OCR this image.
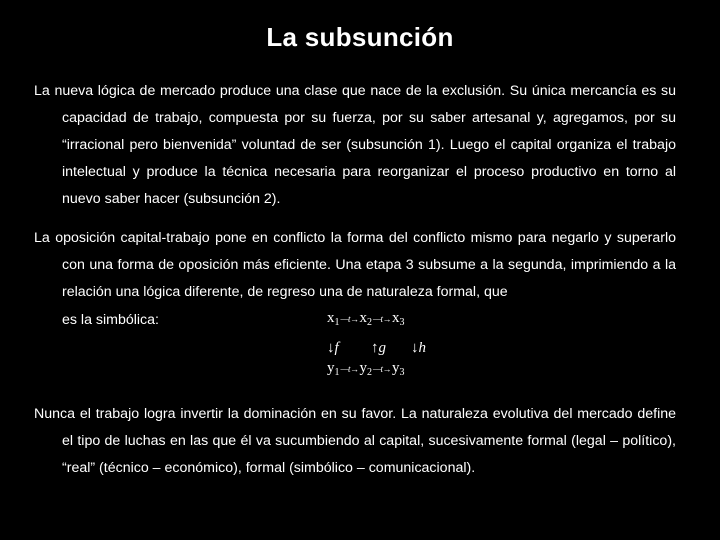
La subsunción
La nueva lógica de mercado produce una clase que nace de la exclusión. Su única mercancía es su capacidad de trabajo, compuesta por su fuerza, por su saber artesanal y, agregamos, por su “irracional pero bienvenida” voluntad de ser (subsunción 1). Luego el capital organiza el trabajo intelectual y produce la técnica necesaria para reorganizar el proceso productivo en torno al nuevo saber hacer (subsunción 2).
La oposición capital-trabajo pone en conflicto la forma del conflicto mismo para negarlo y superarlo con una forma de oposición más eficiente. Una etapa 3 subsume a la segunda, imprimiendo a la relación una lógica diferente, de regreso una de naturaleza formal, que
es la simbólica:	$x_1—t\to x_2—t\to x_3$
↓f ↑g ↓h
$y_1—t\to y_2—t\to y_3$
Nunca el trabajo logra invertir la dominación en su favor. La naturaleza evolutiva del mercado define el tipo de luchas en las que él va sucumbiendo al capital, sucesivamente formal (legal – político), “real” (técnico – económico), formal (simbólico – comunicacional).
